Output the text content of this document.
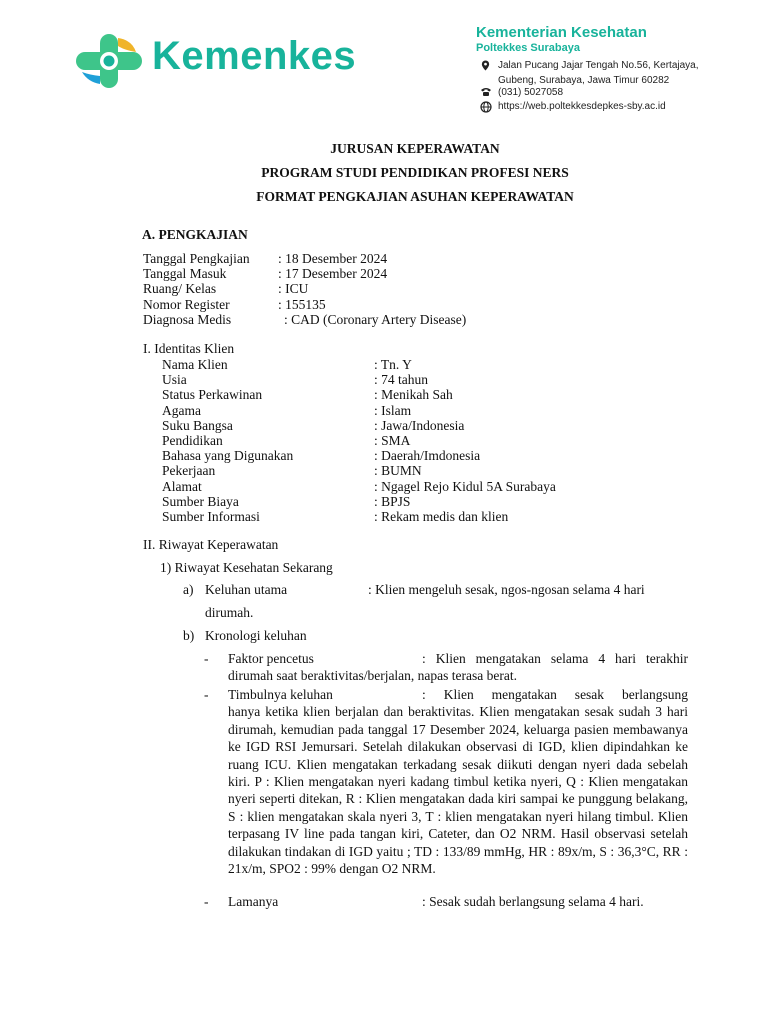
Kemenkes
Kementerian Kesehatan
Poltekkes Surabaya
Jalan Pucang Jajar Tengah No.56, Kertajaya,
Gubeng, Surabaya, Jawa Timur 60282
(031) 5027058
https://web.poltekkesdepkes-sby.ac.id
JURUSAN KEPERAWATAN
PROGRAM STUDI PENDIDIKAN PROFESI NERS
FORMAT PENGKAJIAN ASUHAN KEPERAWATAN
A. PENGKAJIAN
Tanggal Pengkajian	: 18 Desember 2024
Tanggal Masuk	: 17 Desember 2024
Ruang/ Kelas	: ICU
Nomor Register	: 155135
Diagnosa Medis	: CAD (Coronary Artery Disease)
I. Identitas Klien
Nama Klien	: Tn. Y
Usia	: 74 tahun
Status Perkawinan	: Menikah Sah
Agama	: Islam
Suku Bangsa	: Jawa/Indonesia
Pendidikan	: SMA
Bahasa yang Digunakan	: Daerah/Imdonesia
Pekerjaan	: BUMN
Alamat	: Ngagel Rejo Kidul 5A Surabaya
Sumber Biaya	: BPJS
Sumber Informasi	: Rekam medis dan klien
II. Riwayat Keperawatan
1) Riwayat Kesehatan Sekarang
a) Keluhan utama	: Klien mengeluh sesak, ngos-ngosan selama 4 hari
dirumah.
b) Kronologi keluhan
- Faktor pencetus	: Klien mengatakan selama 4 hari terakhir
dirumah saat beraktivitas/berjalan, napas terasa berat.
- Timbulnya keluhan	: Klien mengatakan sesak berlangsung
hanya ketika klien berjalan dan beraktivitas. Klien mengatakan sesak sudah 3 hari dirumah, kemudian pada tanggal 17 Desember 2024, keluarga pasien membawanya ke IGD RSI Jemursari. Setelah dilakukan observasi di IGD, klien dipindahkan ke ruang ICU. Klien mengatakan terkadang sesak diikuti dengan nyeri dada sebelah kiri. P : Klien mengatakan nyeri kadang timbul ketika nyeri, Q : Klien mengatakan nyeri seperti ditekan, R : Klien mengatakan dada kiri sampai ke punggung belakang, S : klien mengatakan skala nyeri 3, T : klien mengatakan nyeri hilang timbul. Klien terpasang IV line pada tangan kiri, Cateter, dan O2 NRM. Hasil observasi setelah dilakukan tindakan di IGD yaitu ; TD : 133/89 mmHg, HR : 89x/m, S : 36,3°C, RR : 21x/m, SPO2 : 99% dengan O2 NRM.
- Lamanya	: Sesak sudah berlangsung selama 4 hari.
